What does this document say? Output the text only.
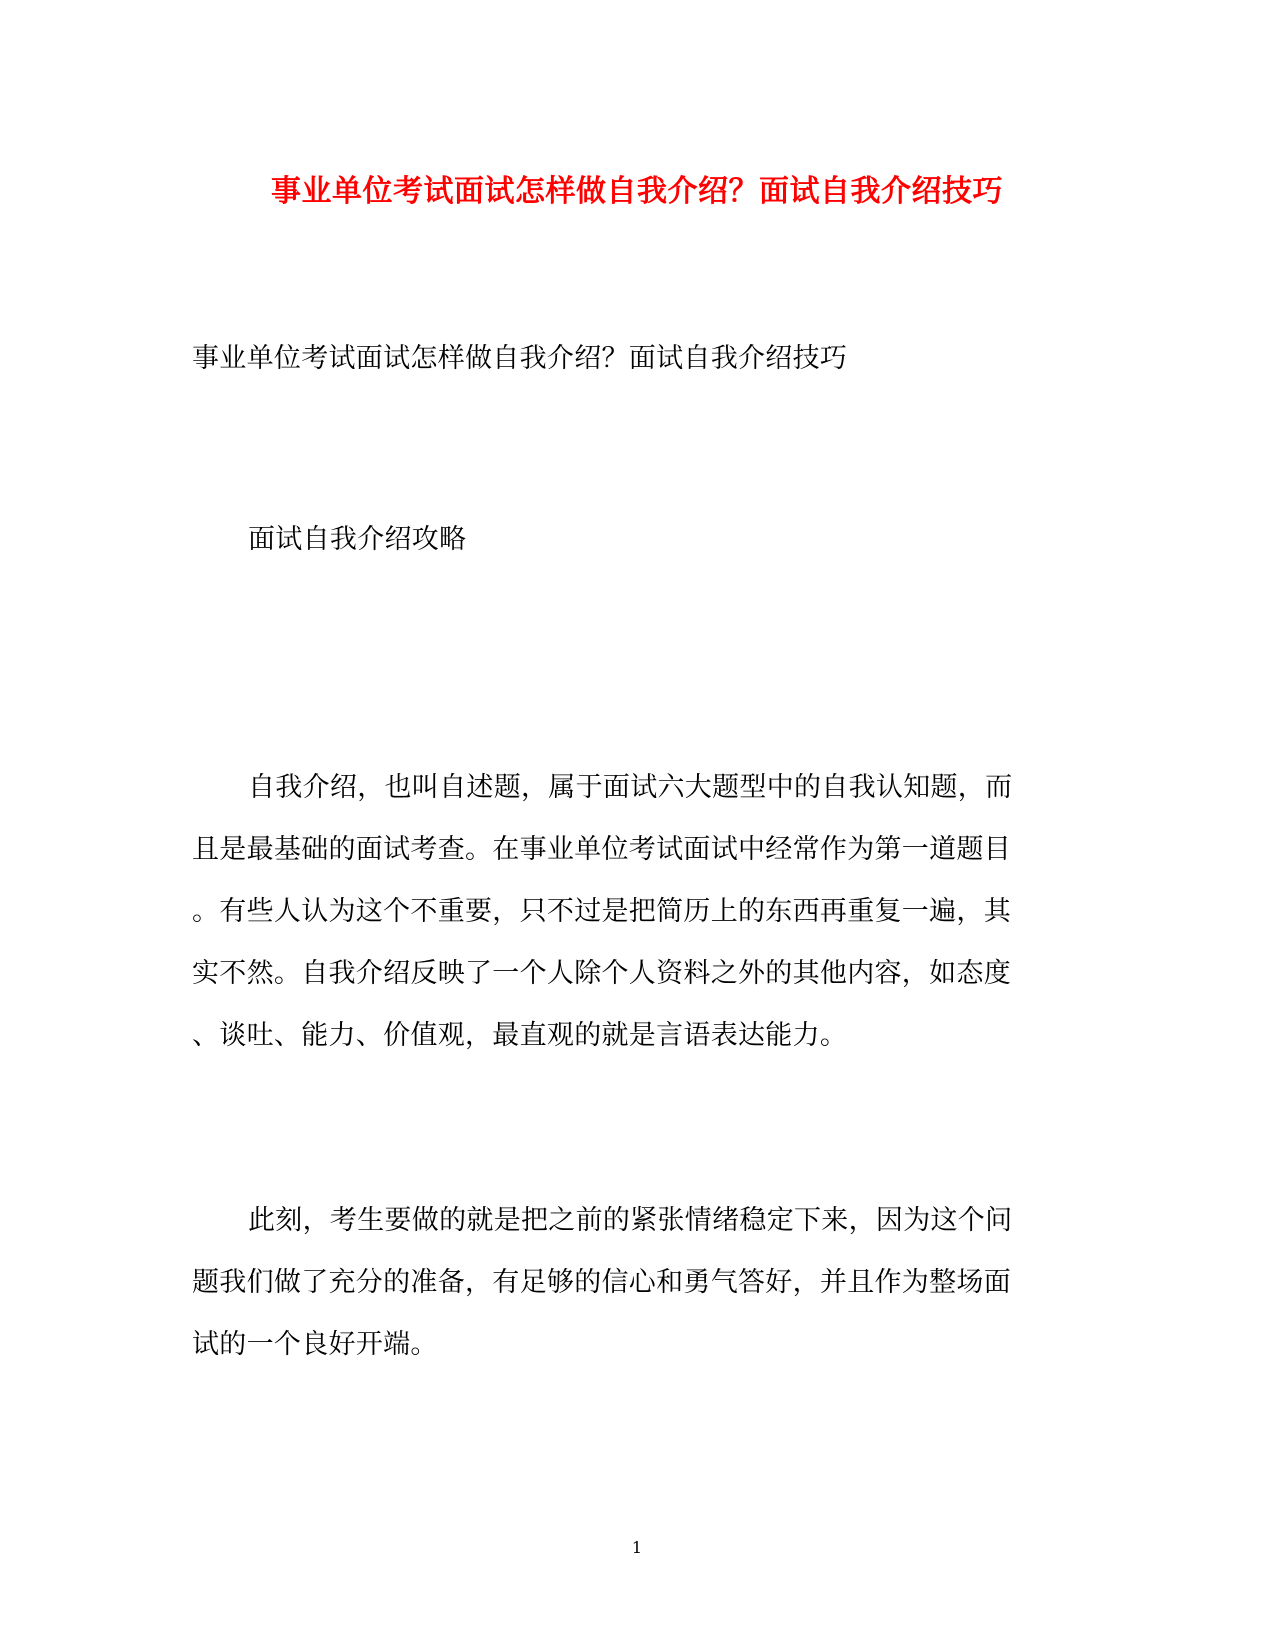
事业单位考试面试怎样做自我介绍？面试自我介绍技巧
事业单位考试面试怎样做自我介绍？面试自我介绍技巧
面试自我介绍攻略
自我介绍，也叫自述题，属于面试六大题型中的自我认知题，而
且是最基础的面试考查。在事业单位考试面试中经常作为第一道题目
。有些人认为这个不重要，只不过是把简历上的东西再重复一遍，其
实不然。自我介绍反映了一个人除个人资料之外的其他内容，如态度
、谈吐、能力、价值观，最直观的就是言语表达能力。
此刻，考生要做的就是把之前的紧张情绪稳定下来，因为这个问
题我们做了充分的准备，有足够的信心和勇气答好，并且作为整场面
试的一个良好开端。
1
